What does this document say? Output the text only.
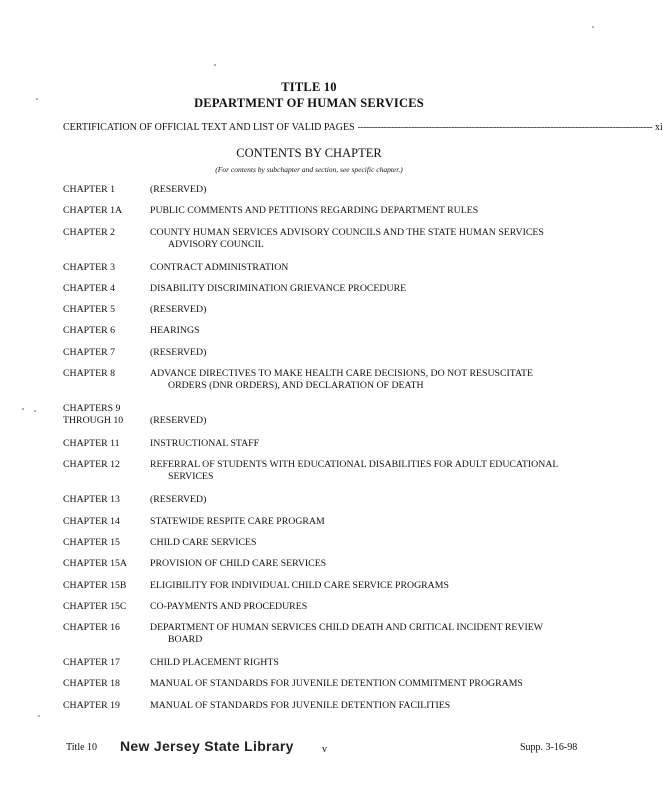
TITLE 10
DEPARTMENT OF HUMAN SERVICES
CERTIFICATION OF OFFICIAL TEXT AND LIST OF VALID PAGES -------------------------------------------------------------------------------------------------------- xi
CONTENTS BY CHAPTER
(For contents by subchapter and section, see specific chapter.)
CHAPTER 1	(RESERVED)
CHAPTER 1A	PUBLIC COMMENTS AND PETITIONS REGARDING DEPARTMENT RULES
CHAPTER 2	COUNTY HUMAN SERVICES ADVISORY COUNCILS AND THE STATE HUMAN SERVICES
ADVISORY COUNCIL
CHAPTER 3	CONTRACT ADMINISTRATION
CHAPTER 4	DISABILITY DISCRIMINATION GRIEVANCE PROCEDURE
CHAPTER 5	(RESERVED)
CHAPTER 6	HEARINGS
CHAPTER 7	(RESERVED)
CHAPTER 8	ADVANCE DIRECTIVES TO MAKE HEALTH CARE DECISIONS, DO NOT RESUSCITATE
ORDERS (DNR ORDERS), AND DECLARATION OF DEATH
CHAPTERS 9
THROUGH 10
	(RESERVED)
CHAPTER 11	INSTRUCTIONAL STAFF
CHAPTER 12	REFERRAL OF STUDENTS WITH EDUCATIONAL DISABILITIES FOR ADULT EDUCATIONAL
SERVICES
CHAPTER 13	(RESERVED)
CHAPTER 14	STATEWIDE RESPITE CARE PROGRAM
CHAPTER 15	CHILD CARE SERVICES
CHAPTER 15A	PROVISION OF CHILD CARE SERVICES
CHAPTER 15B	ELIGIBILITY FOR INDIVIDUAL CHILD CARE SERVICE PROGRAMS
CHAPTER 15C	CO-PAYMENTS AND PROCEDURES
CHAPTER 16	DEPARTMENT OF HUMAN SERVICES CHILD DEATH AND CRITICAL INCIDENT REVIEW
BOARD
CHAPTER 17	CHILD PLACEMENT RIGHTS
CHAPTER 18	MANUAL OF STANDARDS FOR JUVENILE DETENTION COMMITMENT PROGRAMS
CHAPTER 19	MANUAL OF STANDARDS FOR JUVENILE DETENTION FACILITIES
Title 10 New Jersey State Library	v	Supp. 3-16-98
